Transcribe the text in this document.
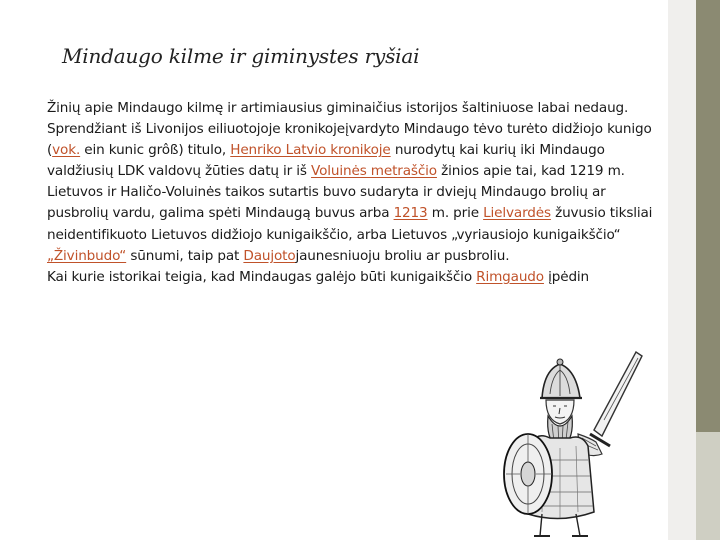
Mindaugo kilme ir giminystes ryšiai

Žinių apie Mindaugo kilmę ir artimiausius giminaičius istorijos šaltiniuose labai nedaug. Sprendžiant iš Livonijos eiliuotojoje kronikojeįvardyto Mindaugo tėvo turėto didžiojo kunigo (vok. ein kunic grôß) titulo, Henriko Latvio kronikoje nurodytų kai kurių iki Mindaugo valdžiusių LDK valdovų žūties datų ir iš Voluinės metraščio žinios apie tai, kad 1219 m. Lietuvos ir Haličo-Voluinės taikos sutartis buvo sudaryta ir dviejų Mindaugo brolių ar pusbrolių vardu, galima spėti Mindaugą buvus arba 1213 m. prie Lielvardės žuvusio tiksliai neidentifikuoto Lietuvos didžiojo kunigaikščio, arba Lietuvos „vyriausiojo kunigaikščio“ „Živinbudo“ sūnumi, taip pat Daujotojaunesniuoju broliu ar pusbroliu.

Kai kurie istorikai teigia, kad Mindaugas galėjo būti kunigaikščio Rimgaudo įpėdin
